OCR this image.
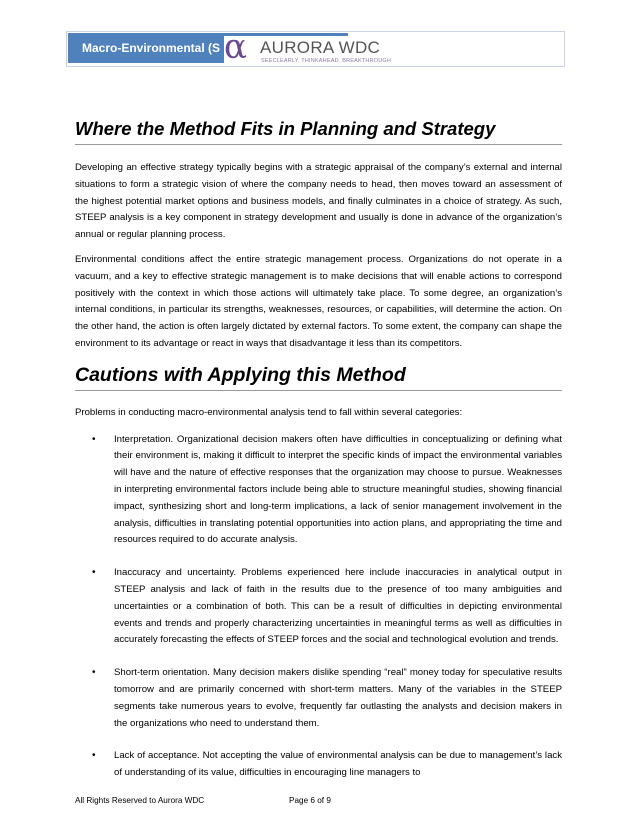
Macro-Environmental (S α AURORA WDC
SEECLEARLY. THINKAHEAD. BREAKTHROUGH
Where the Method Fits in Planning and Strategy

Developing an effective strategy typically begins with a strategic appraisal of the company’s external and internal situations to form a strategic vision of where the company needs to head, then moves toward an assessment of the highest potential market options and business models, and finally culminates in a choice of strategy. As such, STEEP analysis is a key component in strategy development and usually is done in advance of the organization’s annual or regular planning process.

Environmental conditions affect the entire strategic management process. Organizations do not operate in a vacuum, and a key to effective strategic management is to make decisions that will enable actions to correspond positively with the context in which those actions will ultimately take place. To some degree, an organization’s internal conditions, in particular its strengths, weaknesses, resources, or capabilities, will determine the action. On the other hand, the action is often largely dictated by external factors. To some extent, the company can shape the environment to its advantage or react in ways that disadvantage it less than its competitors.

Cautions with Applying this Method

Problems in conducting macro-environmental analysis tend to fall within several categories:

• Interpretation. Organizational decision makers often have difficulties in conceptualizing or defining what their environment is, making it difficult to interpret the specific kinds of impact the environmental variables will have and the nature of effective responses that the organization may choose to pursue. Weaknesses in interpreting environmental factors include being able to structure meaningful studies, showing financial impact, synthesizing short and long-term implications, a lack of senior management involvement in the analysis, difficulties in translating potential opportunities into action plans, and appropriating the time and resources required to do accurate analysis.

• Inaccuracy and uncertainty. Problems experienced here include inaccuracies in analytical output in STEEP analysis and lack of faith in the results due to the presence of too many ambiguities and uncertainties or a combination of both. This can be a result of difficulties in depicting environmental events and trends and properly characterizing uncertainties in meaningful terms as well as difficulties in accurately forecasting the effects of STEEP forces and the social and technological evolution and trends.

• Short-term orientation. Many decision makers dislike spending “real” money today for speculative results tomorrow and are primarily concerned with short-term matters. Many of the variables in the STEEP segments take numerous years to evolve, frequently far outlasting the analysts and decision makers in the organizations who need to understand them.

• Lack of acceptance. Not accepting the value of environmental analysis can be due to management’s lack of understanding of its value, difficulties in encouraging line managers to

All Rights Reserved to Aurora WDC	Page 6 of 9
